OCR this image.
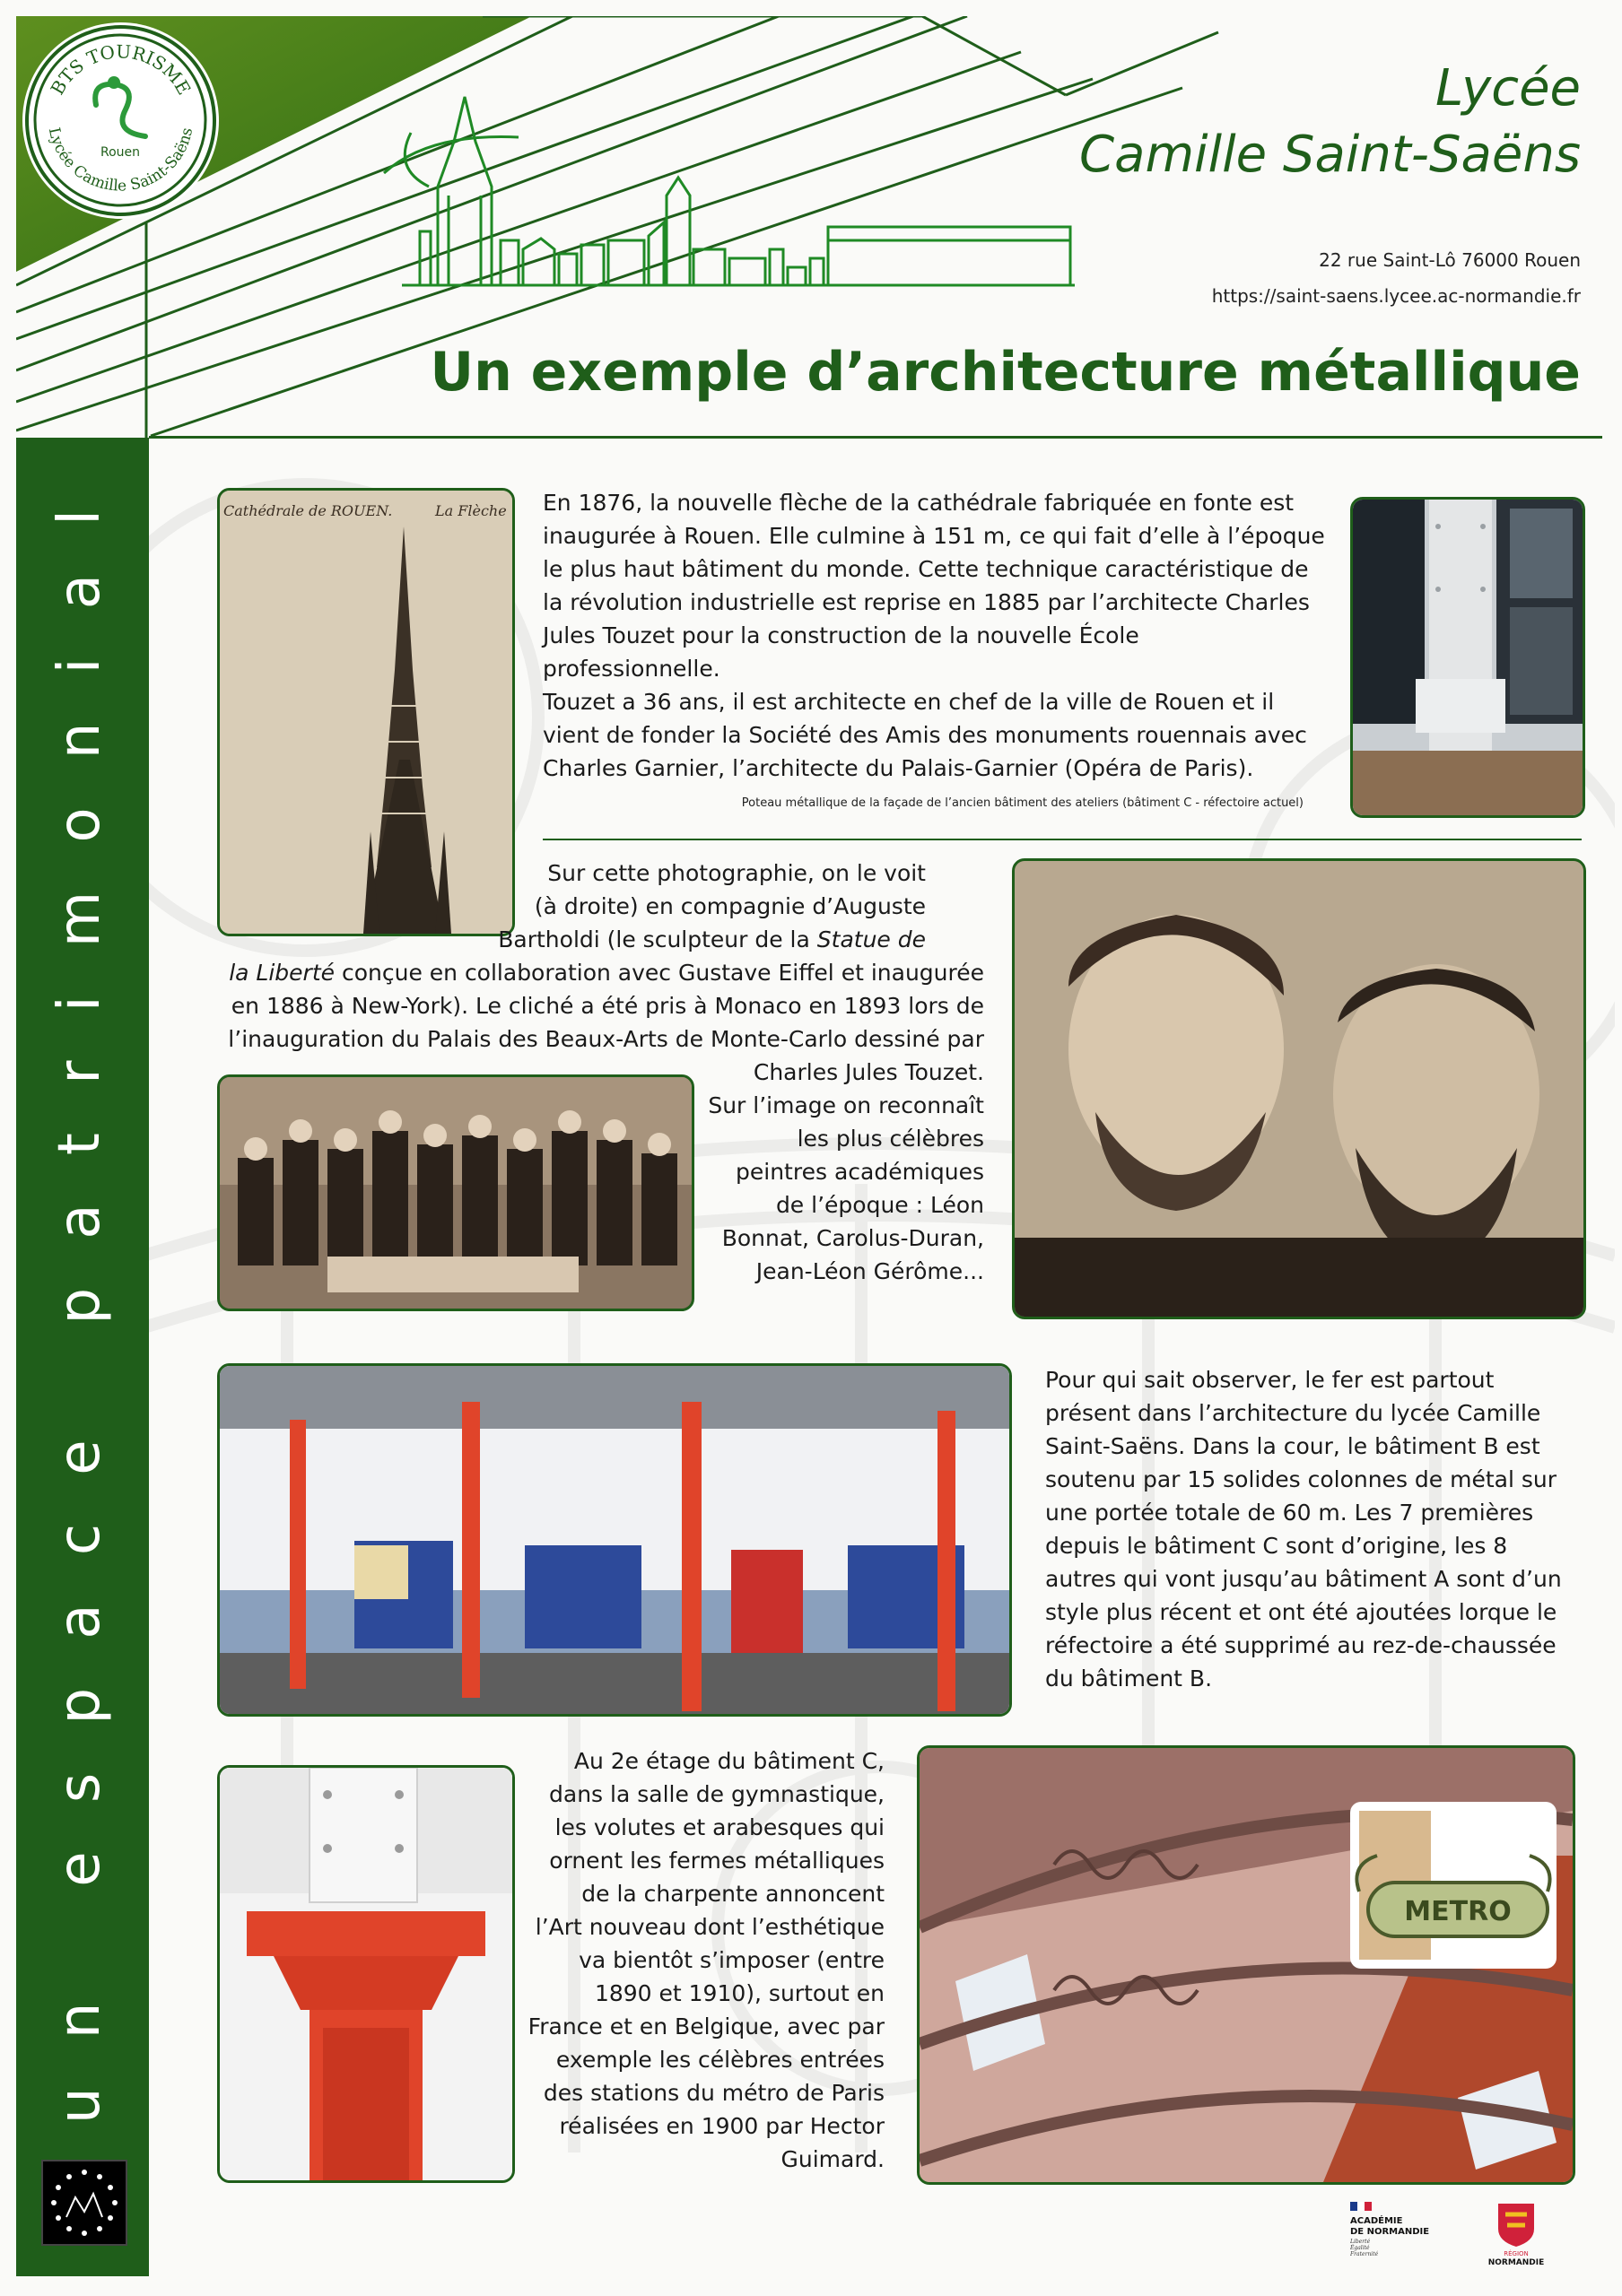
BTS TOURISME
Lycée Camille Saint-Saëns
Rouen
Lycée
Camille Saint-Saëns
22 rue Saint-Lô 76000 Rouen
https://saint-saens.lycee.ac-normandie.fr
Un exemple d’architecture métallique
un espace patrimonial	Cathédrale de ROUEN.	La Flèche En 1876, la nouvelle flèche de la cathédrale fabriquée en fonte est
inaugurée à Rouen. Elle culmine à 151 m, ce qui fait d’elle à l’époque
le plus haut bâtiment du monde. Cette technique caractéristique de
la révolution industrielle est reprise en 1885 par l’architecte Charles
Jules Touzet pour la construction de la nouvelle École
professionnelle.
Touzet a 36 ans, il est architecte en chef de la ville de Rouen et il
vient de fonder la Société des Amis des monuments rouennais avec
Charles Garnier, l’architecte du Palais-Garnier (Opéra de Paris).
Poteau métallique de la façade de l’ancien bâtiment des ateliers (bâtiment C - réfectoire actuel)
Sur cette photographie, on le voit
(à droite) en compagnie d’Auguste
Bartholdi (le sculpteur de la Statue de
la Liberté conçue en collaboration avec Gustave Eiffel et inaugurée
en 1886 à New-York). Le cliché a été pris à Monaco en 1893 lors de
l’inauguration du Palais des Beaux-Arts de Monte-Carlo dessiné par
Charles Jules Touzet.
Sur l’image on reconnaît
les plus célèbres
peintres académiques
de l’époque : Léon
Bonnat, Carolus-Duran,
Jean-Léon Gérôme...
Pour qui sait observer, le fer est partout
présent dans l’architecture du lycée Camille
Saint-Saëns. Dans la cour, le bâtiment B est
soutenu par 15 solides colonnes de métal sur
une portée totale de 60 m. Les 7 premières
depuis le bâtiment C sont d’origine, les 8
autres qui vont jusqu’au bâtiment A sont d’un
style plus récent et ont été ajoutées lorque le
réfectoire a été supprimé au rez-de-chaussée
du bâtiment B.
Au 2e étage du bâtiment C,
dans la salle de gymnastique,
les volutes et arabesques qui
ornent les fermes métalliques
de la charpente annoncent
l’Art nouveau dont l’esthétique
va bientôt s’imposer (entre
1890 et 1910), surtout en
France et en Belgique, avec par
exemple les célèbres entrées
des stations du métro de Paris
réalisées en 1900 par Hector
Guimard.
METRO
ACADÉMIE
DE NORMANDIE
Liberté
Égalité
Fraternité	RÉGION
NORMANDIE
